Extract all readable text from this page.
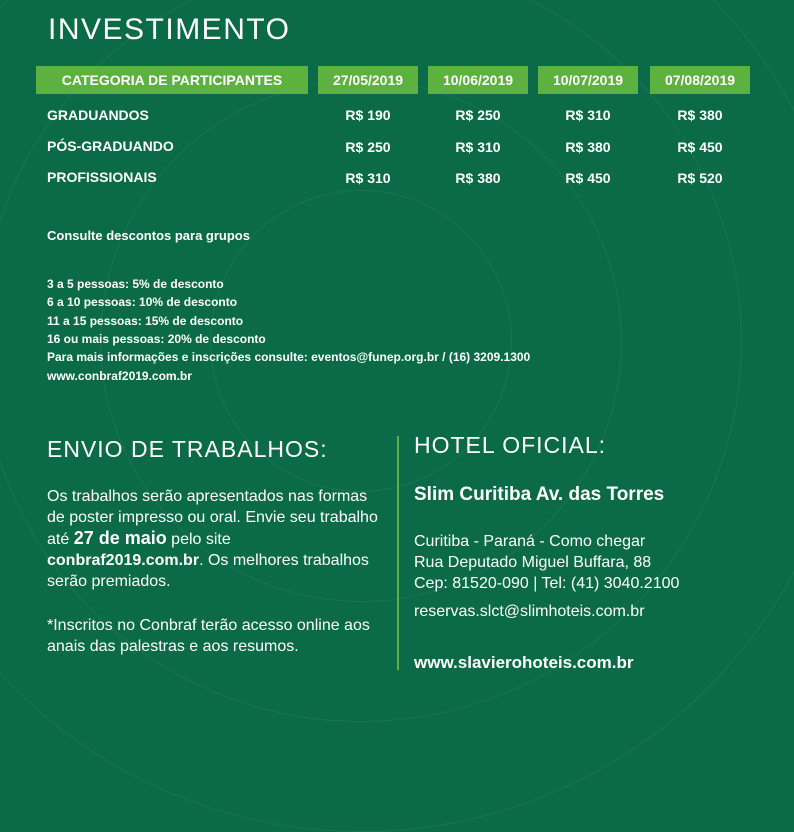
INVESTIMENTO
CATEGORIA DE PARTICIPANTES	27/05/2019	10/06/2019	10/07/2019	07/08/2019
GRADUANDOS	R$ 190	R$ 250	R$ 310	R$ 380
PÓS-GRADUANDO	R$ 250	R$ 310	R$ 380	R$ 450
PROFISSIONAIS	R$ 310	R$ 380	R$ 450	R$ 520
Consulte descontos para grupos
3 a 5 pessoas: 5% de desconto
6 a 10 pessoas: 10% de desconto
11 a 15 pessoas: 15% de desconto
16 ou mais pessoas: 20% de desconto
Para mais informações e inscrições consulte: eventos@funep.org.br / (16) 3209.1300
www.conbraf2019.com.br
ENVIO DE TRABALHOS:
Os trabalhos serão apresentados nas formas de poster impresso ou oral. Envie seu trabalho até 27 de maio pelo site conbraf2019.com.br. Os melhores trabalhos serão premiados.
*Inscritos no Conbraf terão acesso online aos anais das palestras e aos resumos.
HOTEL OFICIAL:
Slim Curitiba Av. das Torres
Curitiba - Paraná - Como chegar
Rua Deputado Miguel Buffara, 88
Cep: 81520-090 | Tel: (41) 3040.2100
reservas.slct@slimhoteis.com.br
www.slavierohoteis.com.br
